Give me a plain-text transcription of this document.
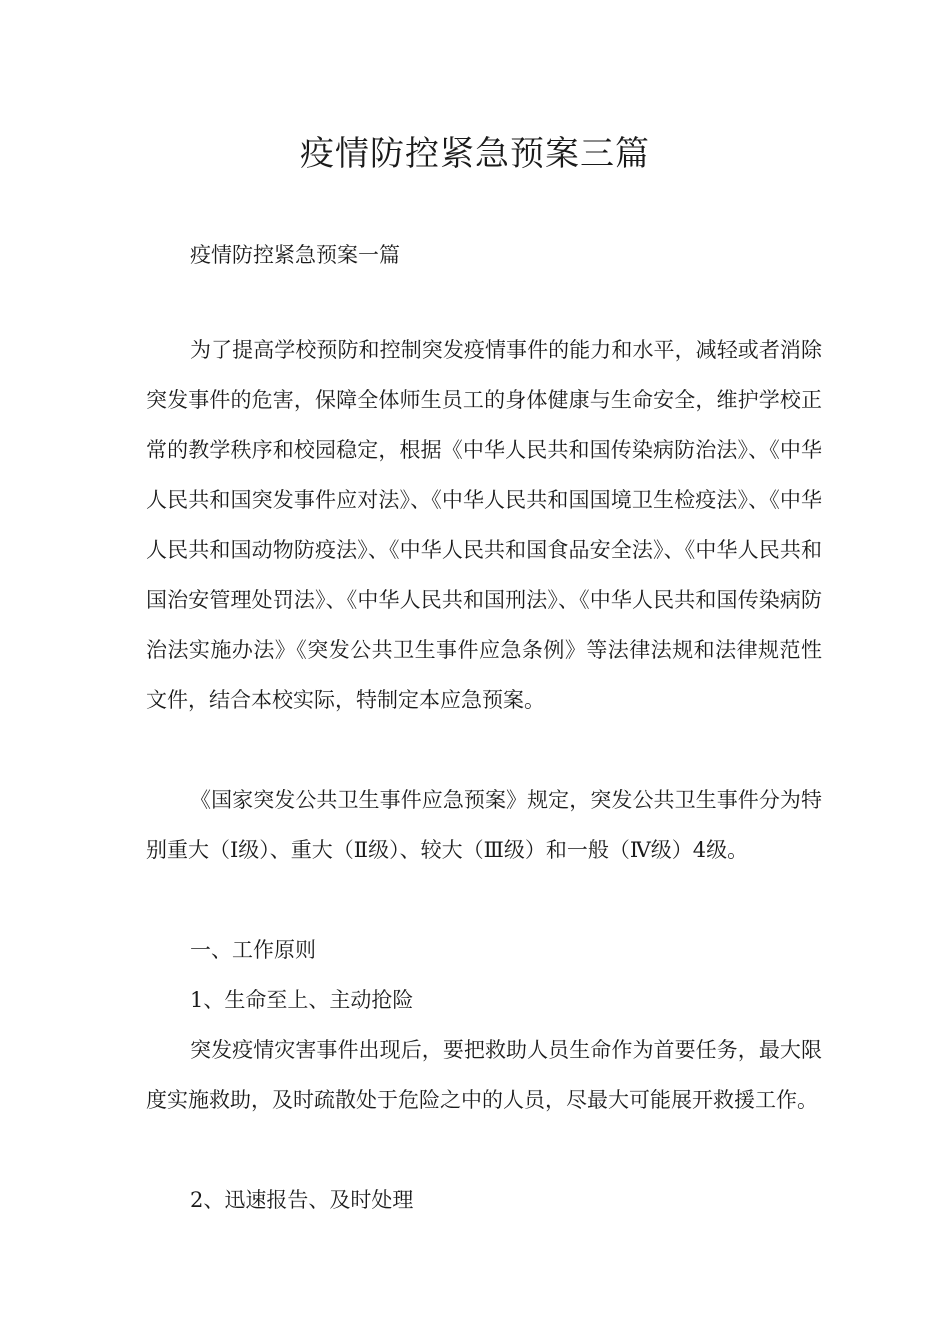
疫情防控紧急预案三篇

疫情防控紧急预案一篇

为了提高学校预防和控制突发疫情事件的能力和水平，减轻或者消除突发事件的危害，保障全体师生员工的身体健康与生命安全，维护学校正常的教学秩序和校园稳定，根据《中华人民共和国传染病防治法》、《中华人民共和国突发事件应对法》、《中华人民共和国国境卫生检疫法》、《中华人民共和国动物防疫法》、《中华人民共和国食品安全法》、《中华人民共和国治安管理处罚法》、《中华人民共和国刑法》、《中华人民共和国传染病防治法实施办法》《突发公共卫生事件应急条例》等法律法规和法律规范性文件，结合本校实际，特制定本应急预案。

《国家突发公共卫生事件应急预案》规定，突发公共卫生事件分为特别重大（Ⅰ级）、重大（Ⅱ级）、较大（Ⅲ级）和一般（Ⅳ级）4级。

一、工作原则

1、生命至上、主动抢险

突发疫情灾害事件出现后，要把救助人员生命作为首要任务，最大限度实施救助，及时疏散处于危险之中的人员，尽最大可能展开救援工作。

2、迅速报告、及时处理
